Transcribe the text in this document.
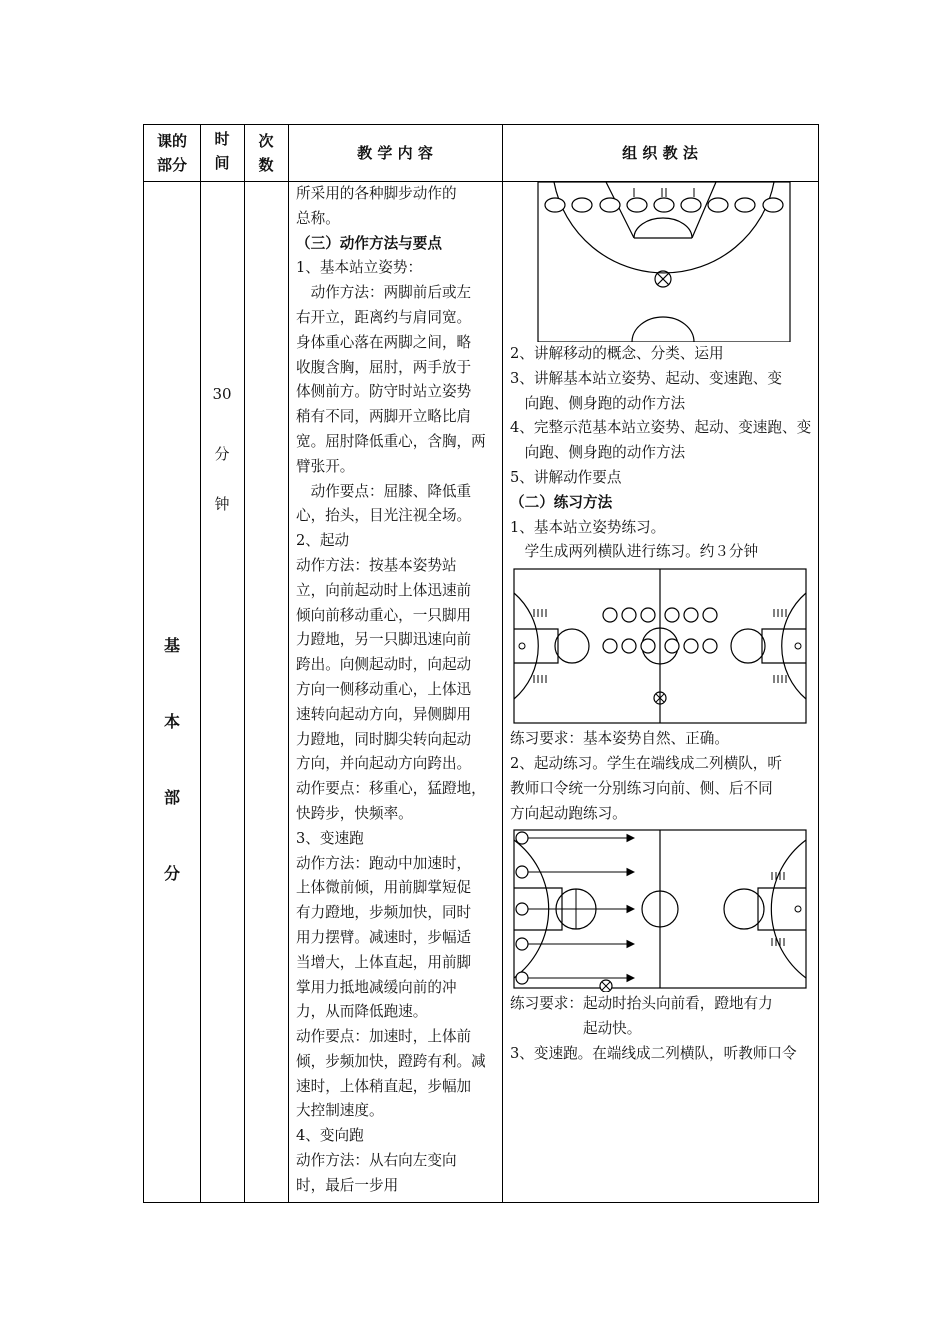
课的
部分
时
间
次
数
教 学 内 容	组 织 教 法
基
本
部
分
30
分
钟

所采用的各种脚步动作的

总称。

（三）动作方法与要点

1、基本站立姿势：

　动作方法：两脚前后或左

右开立，距离约与肩同宽。

身体重心落在两脚之间，略

收腹含胸，屈肘，两手放于

体侧前方。防守时站立姿势

稍有不同，两脚开立略比肩

宽。屈肘降低重心，含胸，两

臂张开。

　动作要点：屈膝、降低重

心，抬头，目光注视全场。

2、起动

动作方法：按基本姿势站

立，向前起动时上体迅速前

倾向前移动重心，一只脚用

力蹬地，另一只脚迅速向前

跨出。向侧起动时，向起动

方向一侧移动重心，上体迅

速转向起动方向，异侧脚用

力蹬地，同时脚尖转向起动

方向，并向起动方向跨出。

动作要点：移重心，猛蹬地，

快跨步，快频率。

3、变速跑

动作方法：跑动中加速时，

上体微前倾，用前脚掌短促

有力蹬地，步频加快，同时

用力摆臂。减速时，步幅适

当增大，上体直起，用前脚

掌用力抵地减缓向前的冲

力，从而降低跑速。

动作要点：加速时，上体前

倾，步频加快，蹬跨有利。减

速时，上体稍直起，步幅加

大控制速度。

4、变向跑

动作方法：从右向左变向

时，最后一步用

2、讲解移动的概念、分类、运用

3、讲解基本站立姿势、起动、变速跑、变

　向跑、侧身跑的动作方法

4、完整示范基本站立姿势、起动、变速跑、变

　向跑、侧身跑的动作方法

5、讲解动作要点

（二）练习方法

1、基本站立姿势练习。

　学生成两列横队进行练习。约３分钟

练习要求：基本姿势自然、正确。

2、起动练习。学生在端线成二列横队，听

教师口令统一分别练习向前、侧、后不同

方向起动跑练习。

练习要求：起动时抬头向前看，蹬地有力

　　　　　起动快。

3、变速跑。在端线成二列横队，听教师口令
